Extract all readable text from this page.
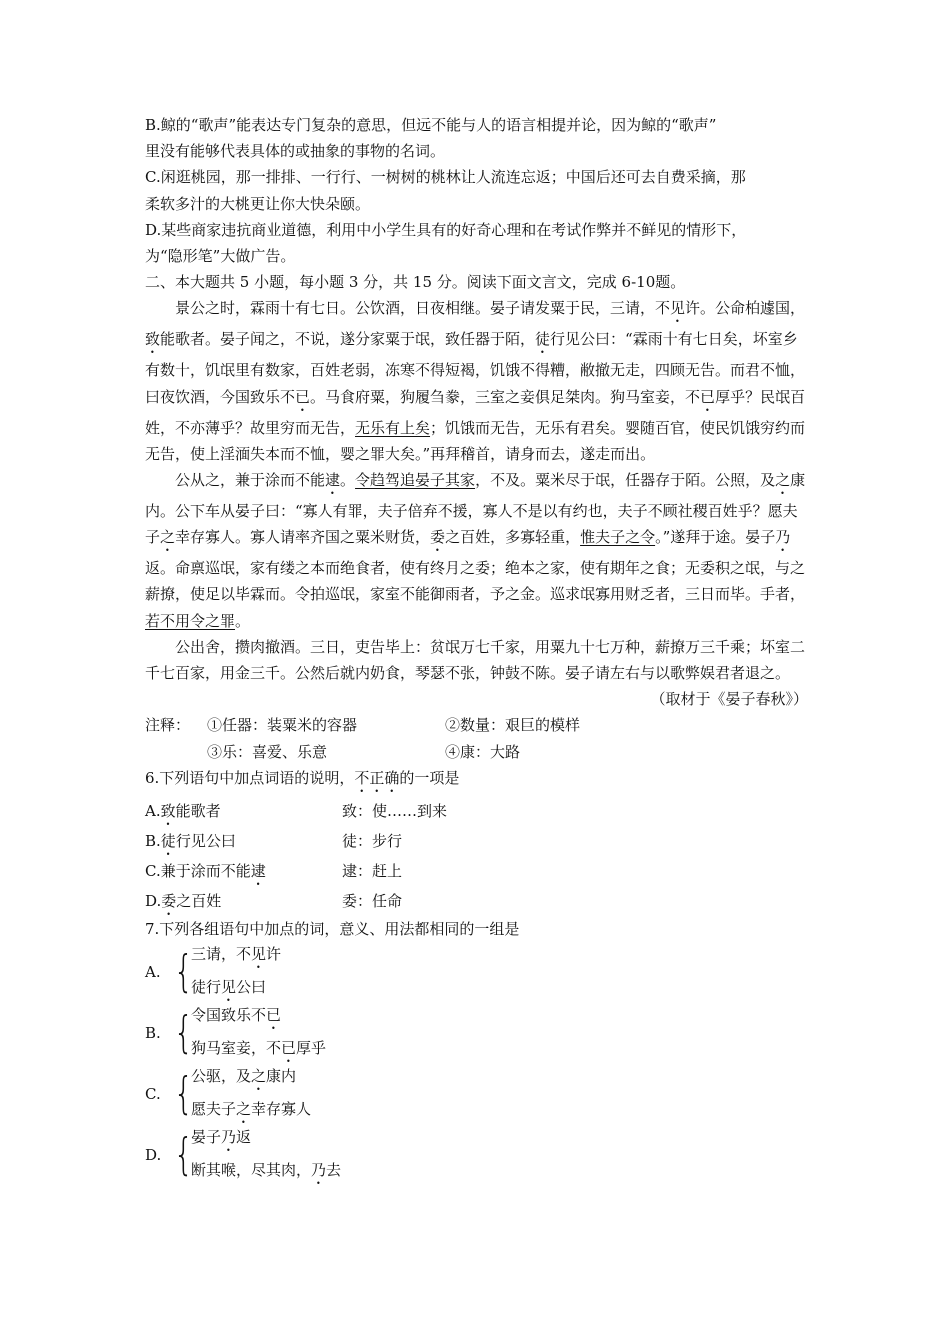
B.鲸的“歌声”能表达专门复杂的意思，但远不能与人的语言相提并论，因为鲸的“歌声”

里没有能够代表具体的或抽象的事物的名词。

C.闲逛桃园，那一排排、一行行、一树树的桃林让人流连忘返；中国后还可去自费采摘，那

柔软多汁的大桃更让你大快朵颐。

D.某些商家违抗商业道德，利用中小学生具有的好奇心理和在考试作弊并不鲜见的情形下，

为“隐形笔”大做广告。

二、本大题共 5 小题，每小题 3 分，共 15 分。阅读下面文言文，完成 6-10题。

景公之时，霖雨十有七日。公饮酒，日夜相继。晏子请发粟于民，三请，不见许。公命柏遽国，致能歌者。晏子闻之，不说，遂分家粟于氓，致任器于陌，徒行见公曰：“霖雨十有七日矣，坏室乡有数十，饥氓里有数家，百姓老弱，冻寒不得短褐，饥饿不得糟，敝撤无走，四顾无告。而君不恤，曰夜饮酒，今国致乐不已。马食府粟，狗履刍豢，三室之妾俱足桀肉。狗马室妾，不已厚乎？民氓百姓，不亦薄乎？故里穷而无告，无乐有上矣；饥饿而无告，无乐有君矣。婴随百官，使民饥饿穷约而无告，使上淫湎失本而不恤，婴之罪大矣。”再拜稽首，请身而去，遂走而出。

公从之，兼于涂而不能逮。令趋驾追晏子其家，不及。粟米尽于氓，任器存于陌。公照，及之康内。公下车从晏子曰：“寡人有罪，夫子倍弃不援，寡人不是以有约也，夫子不顾社稷百姓乎？愿夫子之幸存寡人。寡人请率齐国之粟米财货，委之百姓，多寡轻重，惟夫子之令。”遂拜于途。晏子乃返。命禀巡氓，家有缕之本而绝食者，使有终月之委；绝本之家，使有期年之食；无委积之氓，与之薪撩，使足以毕霖而。令拍巡氓，家室不能御雨者，予之金。巡求氓寡用财乏者，三日而毕。手者，若不用令之罪。

公出舍，攒肉撤酒。三日，吏告毕上：贫氓万七千家，用粟九十七万种，薪撩万三千乘；坏室二千七百家，用金三千。公然后就内奶食，琴瑟不张，钟鼓不陈。晏子请左右与以歌弊娱君者退之。

（取材于《晏子春秋》）

注释：	①任器：装粟米的容器	②数量：艰巨的模样
③乐：喜爱、乐意	④康：大路

6.下列语句中加点词语的说明，不正确的一项是

A.致能歌者	致：使……到来
B.徒行见公曰	徒：步行
C.兼于涂而不能逮	逮：赶上
D.委之百姓	委：任命

7.下列各组语句中加点的词，意义、用法都相同的一组是

A. {
三请，不见许
徒行见公曰
B. {
令国致乐不已
狗马室妾，不已厚乎
C. {
公驱，及之康内
愿夫子之幸存寡人
D. {
晏子乃返
断其喉，尽其肉，乃去
